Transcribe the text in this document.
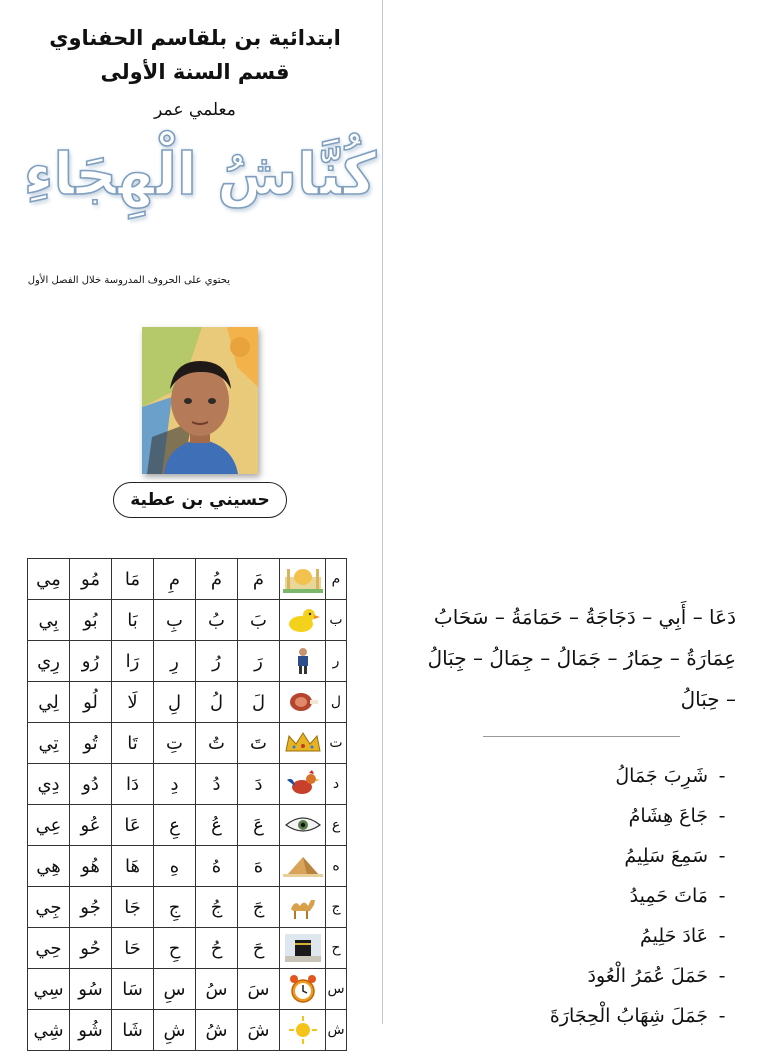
ابتدائية بن بلقاسم الحفناوي
قسم السنة الأولى
معلمي عمر
كُنَّاشُ الْهِجَاءِ
يحتوي على الحروف المدروسة خلال الفصل الأول
حسيني بن عطية
م		مَ	مُ	مِ	مَا	مُو	مِي
ب		بَ	بُ	بِ	بَا	بُو	بِي
ر		رَ	رُ	رِ	رَا	رُو	رِي
ل		لَ	لُ	لِ	لَا	لُو	لِي
ت		تَ	تُ	تِ	تَا	تُو	تِي
د		دَ	دُ	دِ	دَا	دُو	دِي
ع		عَ	عُ	عِ	عَا	عُو	عِي
ه		هَ	هُ	هِ	هَا	هُو	هِي
ج		جَ	جُ	جِ	جَا	جُو	جِي
ح		حَ	حُ	حِ	حَا	حُو	حِي
س		سَ	سُ	سِ	سَا	سُو	سِي
ش		شَ	شُ	شِ	شَا	شُو	شِي
دَعَا – أَبِي – دَجَاجَةُ – حَمَامَةُ – سَحَابُ
عِمَارَةُ – حِمَارُ – جَمَالُ – جِمَالُ – جِبَالُ
– حِبَالُ
-شَرِبَ جَمَالُ
-جَاعَ هِشَامُ
-سَمِعَ سَلِيمُ
-مَاتَ حَمِيدُ
-عَادَ حَلِيمُ
-حَمَلَ عُمَرُ الْعُودَ
-جَمَلَ شِهَابُ الْحِجَارَةَ
